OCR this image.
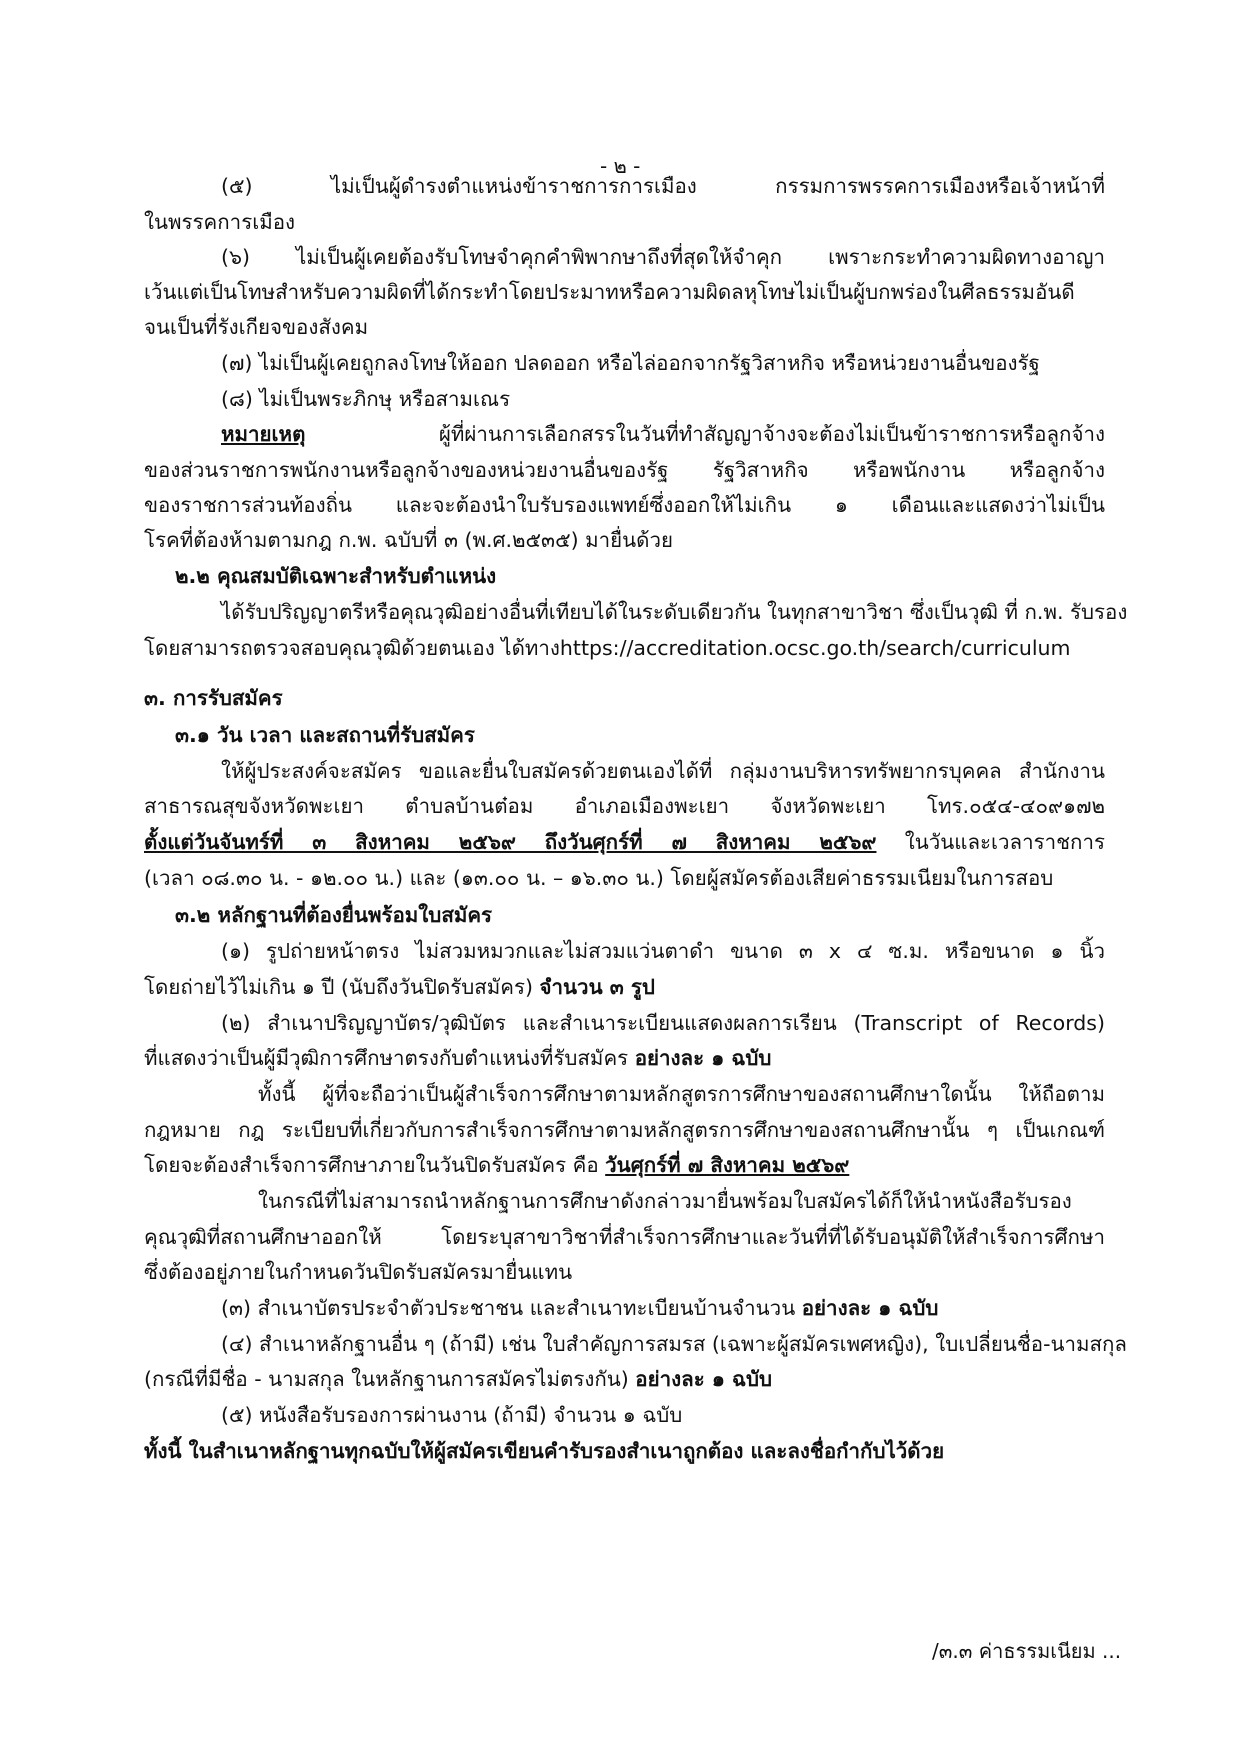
- ๒ -

(๕) ไม่เป็นผู้ดำรงตำแหน่งข้าราชการการเมือง กรรมการพรรคการเมืองหรือเจ้าหน้าที่

ในพรรคการเมือง

(๖) ไม่เป็นผู้เคยต้องรับโทษจำคุกคำพิพากษาถึงที่สุดให้จำคุก เพราะกระทำความผิดทางอาญา

เว้นแต่เป็นโทษสำหรับความผิดที่ได้กระทำโดยประมาทหรือความผิดลหุโทษไม่เป็นผู้บกพร่องในศีลธรรมอันดี

จนเป็นที่รังเกียจของสังคม

(๗) ไม่เป็นผู้เคยถูกลงโทษให้ออก ปลดออก หรือไล่ออกจากรัฐวิสาหกิจ หรือหน่วยงานอื่นของรัฐ

(๘) ไม่เป็นพระภิกษุ หรือสามเณร

หมายเหตุ ผู้ที่ผ่านการเลือกสรรในวันที่ทำสัญญาจ้างจะต้องไม่เป็นข้าราชการหรือลูกจ้าง

ของส่วนราชการพนักงานหรือลูกจ้างของหน่วยงานอื่นของรัฐ รัฐวิสาหกิจ หรือพนักงาน หรือลูกจ้าง

ของราชการส่วนท้องถิ่น และจะต้องนำใบรับรองแพทย์ซึ่งออกให้ไม่เกิน ๑ เดือนและแสดงว่าไม่เป็น

โรคที่ต้องห้ามตามกฎ ก.พ. ฉบับที่ ๓ (พ.ศ.๒๕๓๕) มายื่นด้วย

๒.๒ คุณสมบัติเฉพาะสำหรับตำแหน่ง

ได้รับปริญญาตรีหรือคุณวุฒิอย่างอื่นที่เทียบได้ในระดับเดียวกัน ในทุกสาขาวิชา ซึ่งเป็นวุฒิ ที่ ก.พ. รับรอง

โดยสามารถตรวจสอบคุณวุฒิด้วยตนเอง ได้ทางhttps://accreditation.ocsc.go.th/search/curriculum

๓. การรับสมัคร

๓.๑ วัน เวลา และสถานที่รับสมัคร

ให้ผู้ประสงค์จะสมัคร ขอและยื่นใบสมัครด้วยตนเองได้ที่ กลุ่มงานบริหารทรัพยากรบุคคล สำนักงาน

สาธารณสุขจังหวัดพะเยา ตำบลบ้านต๋อม อำเภอเมืองพะเยา จังหวัดพะเยา โทร.๐๕๔-๔๐๙๑๗๒

ตั้งแต่วันจันทร์ที่ ๓ สิงหาคม ๒๕๖๙ ถึงวันศุกร์ที่ ๗ สิงหาคม ๒๕๖๙ ในวันและเวลาราชการ

(เวลา ๐๘.๓๐ น. - ๑๒.๐๐ น.) และ (๑๓.๐๐ น. – ๑๖.๓๐ น.) โดยผู้สมัครต้องเสียค่าธรรมเนียมในการสอบ

๓.๒ หลักฐานที่ต้องยื่นพร้อมใบสมัคร

(๑) รูปถ่ายหน้าตรง ไม่สวมหมวกและไม่สวมแว่นตาดำ ขนาด ๓ x ๔ ซ.ม. หรือขนาด ๑ นิ้ว

โดยถ่ายไว้ไม่เกิน ๑ ปี (นับถึงวันปิดรับสมัคร) จำนวน ๓ รูป

(๒) สำเนาปริญญาบัตร/วุฒิบัตร และสำเนาระเบียนแสดงผลการเรียน (Transcript of Records)

ที่แสดงว่าเป็นผู้มีวุฒิการศึกษาตรงกับตำแหน่งที่รับสมัคร อย่างละ ๑ ฉบับ

ทั้งนี้ ผู้ที่จะถือว่าเป็นผู้สำเร็จการศึกษาตามหลักสูตรการศึกษาของสถานศึกษาใดนั้น ให้ถือตาม

กฎหมาย กฎ ระเบียบที่เกี่ยวกับการสำเร็จการศึกษาตามหลักสูตรการศึกษาของสถานศึกษานั้น ๆ เป็นเกณฑ์

โดยจะต้องสำเร็จการศึกษาภายในวันปิดรับสมัคร คือ วันศุกร์ที่ ๗ สิงหาคม ๒๕๖๙

ในกรณีที่ไม่สามารถนำหลักฐานการศึกษาดังกล่าวมายื่นพร้อมใบสมัครได้ก็ให้นำหนังสือรับรอง

คุณวุฒิที่สถานศึกษาออกให้ โดยระบุสาขาวิชาที่สำเร็จการศึกษาและวันที่ที่ได้รับอนุมัติให้สำเร็จการศึกษา

ซึ่งต้องอยู่ภายในกำหนดวันปิดรับสมัครมายื่นแทน

(๓) สำเนาบัตรประจำตัวประชาชน และสำเนาทะเบียนบ้านจำนวน อย่างละ ๑ ฉบับ

(๔) สำเนาหลักฐานอื่น ๆ (ถ้ามี) เช่น ใบสำคัญการสมรส (เฉพาะผู้สมัครเพศหญิง), ใบเปลี่ยนชื่อ-นามสกุล

(กรณีที่มีชื่อ - นามสกุล ในหลักฐานการสมัครไม่ตรงกัน) อย่างละ ๑ ฉบับ

(๕) หนังสือรับรองการผ่านงาน (ถ้ามี) จำนวน ๑ ฉบับ

ทั้งนี้ ในสำเนาหลักฐานทุกฉบับให้ผู้สมัครเขียนคำรับรองสำเนาถูกต้อง และลงชื่อกำกับไว้ด้วย

/๓.๓ ค่าธรรมเนียม ...
